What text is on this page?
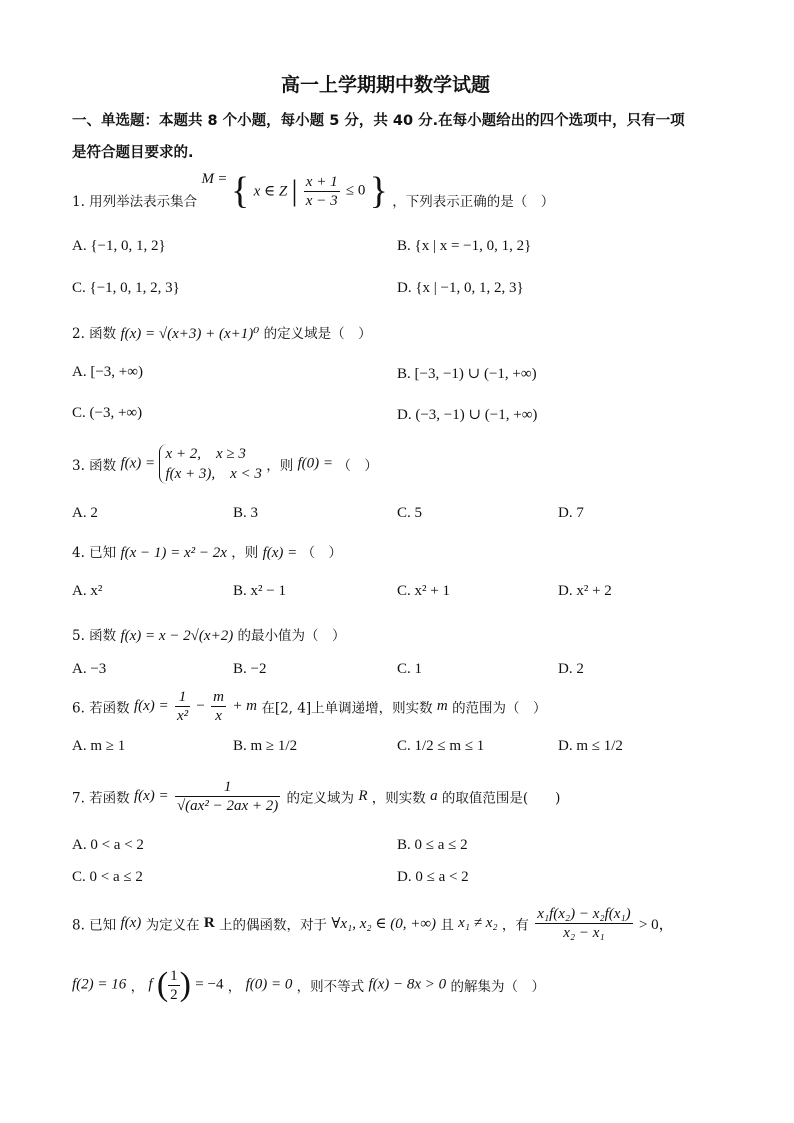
高一上学期期中数学试题
一、单选题：本题共 8 个小题，每小题 5 分，共 40 分.在每小题给出的四个选项中，只有一项
是符合题目要求的.
1. 用列举法表示集合 M = { x ∈ Z | $\frac{x + 1}{x - 3} \le 0$ } ，下列表示正确的是（　）
A. {−1, 0, 1, 2}	B. {x | x = −1, 0, 1, 2}
C. {−1, 0, 1, 2, 3}	D. {x | −1, 0, 1, 2, 3}
2. 函数 f(x) = √(x+3) + (x+1)⁰ 的定义域是（　）
A. [−3, +∞)	B. [−3, −1) ∪ (−1, +∞)
C. (−3, +∞)	D. (−3, −1) ∪ (−1, +∞)
3. 函数 f(x) =
x + 2,　x ≥ 3
f(x + 3),　x < 3 ，则 f(0) = （　）
A. 2	B. 3	C. 5	D. 7
4. 已知 f(x − 1) = x² − 2x ，则 f(x) = （　）
A. x²	B. x² − 1	C. x² + 1	D. x² + 2
5. 函数 f(x) = x − 2√(x+2) 的最小值为（　）
A. −3	B. −2	C. 1	D. 2
6. 若函数 $f(x) = \frac{1}{\text{x²}} - \frac{m}{x} + m$ 在[2, 4]上单调递增，则实数 m 的范围为（　）
A. m ≥ 1	B. m ≥ 1/2	C. 1/2 ≤ m ≤ 1	D. m ≤ 1/2
7. 若函数 $f(x) = \frac{1}{\text{√(ax² − 2ax + 2)}}$ 的定义域为 R ，则实数 a 的取值范围是(　　)
A. 0 < a < 2	B. 0 ≤ a ≤ 2
C. 0 < a ≤ 2	D. 0 ≤ a < 2
8. 已知 f(x) 为定义在 R 上的偶函数，对于 ∀x₁, x₂ ∈ (0, +∞) 且 x₁ ≠ x₂ ，有 $\frac{\text{x₁f(x₂) − x₂f(x₁)}}{\text{x₂ − x₁}} > 0$，
f(2) = 16 ， f ( $\frac{1}{2}$ ) = −4 ， f(0) = 0 ，则不等式 f(x) − 8x > 0 的解集为（　）
